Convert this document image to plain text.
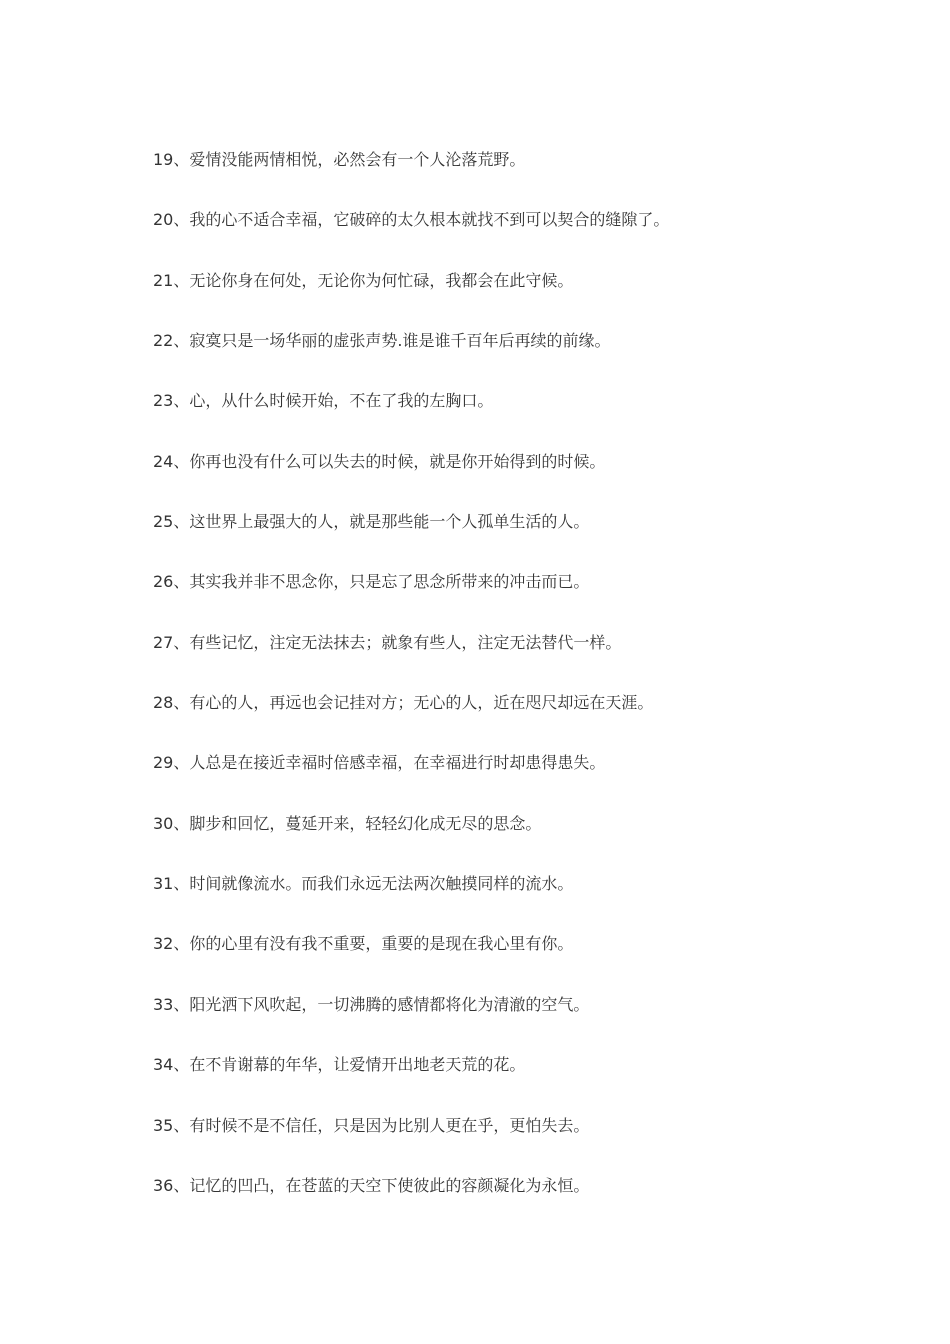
19、爱情没能两情相悦，必然会有一个人沦落荒野。
20、我的心不适合幸福，它破碎的太久根本就找不到可以契合的缝隙了。
21、无论你身在何处，无论你为何忙碌，我都会在此守候。
22、寂寞只是一场华丽的虚张声势.谁是谁千百年后再续的前缘。
23、心，从什么时候开始，不在了我的左胸口。
24、你再也没有什么可以失去的时候，就是你开始得到的时候。
25、这世界上最强大的人，就是那些能一个人孤单生活的人。
26、其实我并非不思念你，只是忘了思念所带来的冲击而已。
27、有些记忆，注定无法抹去；就象有些人，注定无法替代一样。
28、有心的人，再远也会记挂对方；无心的人，近在咫尺却远在天涯。
29、人总是在接近幸福时倍感幸福，在幸福进行时却患得患失。
30、脚步和回忆，蔓延开来，轻轻幻化成无尽的思念。
31、时间就像流水。而我们永远无法两次触摸同样的流水。
32、你的心里有没有我不重要，重要的是现在我心里有你。
33、阳光洒下风吹起，一切沸腾的感情都将化为清澈的空气。
34、在不肯谢幕的年华，让爱情开出地老天荒的花。
35、有时候不是不信任，只是因为比别人更在乎，更怕失去。
36、记忆的凹凸，在苍蓝的天空下使彼此的容颜凝化为永恒。
